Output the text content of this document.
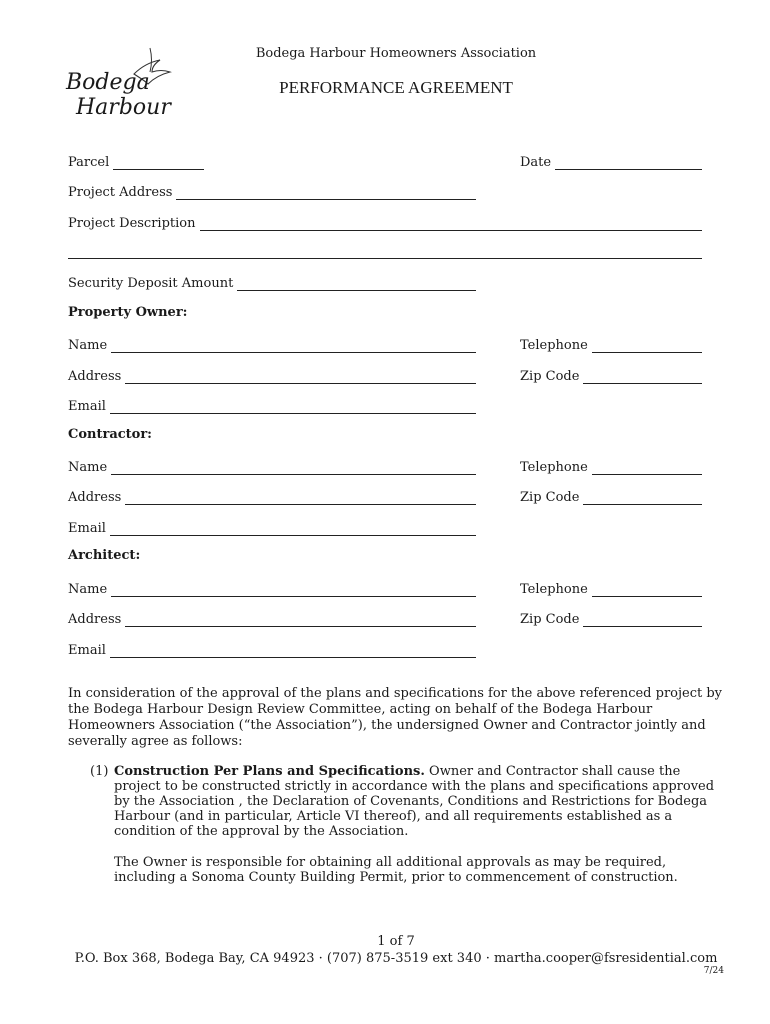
Bodega
Harbour
Bodega Harbour Homeowners Association
PERFORMANCE AGREEMENT
Parcel	Date
Project Address
Project Description
Security Deposit Amount
Property Owner:
Name	Telephone
Address	Zip Code
Email
Contractor:
Name	Telephone
Address	Zip Code
Email
Architect:
Name	Telephone
Address	Zip Code
Email
In consideration of the approval of the plans and specifications for the above referenced project by the Bodega Harbour Design Review Committee, acting on behalf of the Bodega Harbour Homeowners Association (“the Association”), the undersigned Owner and Contractor jointly and severally agree as follows:
(1) Construction Per Plans and Specifications. Owner and Contractor shall cause the project to be constructed strictly in accordance with the plans and specifications approved by the Association , the Declaration of Covenants, Conditions and Restrictions for Bodega Harbour (and in particular, Article VI thereof), and all requirements established as a condition of the approval by the Association.
The Owner is responsible for obtaining all additional approvals as may be required, including a Sonoma County Building Permit, prior to commencement of construction.
1 of 7
P.O. Box 368, Bodega Bay, CA 94923 · (707) 875-3519 ext 340 · martha.cooper@fsresidential.com
7/24
